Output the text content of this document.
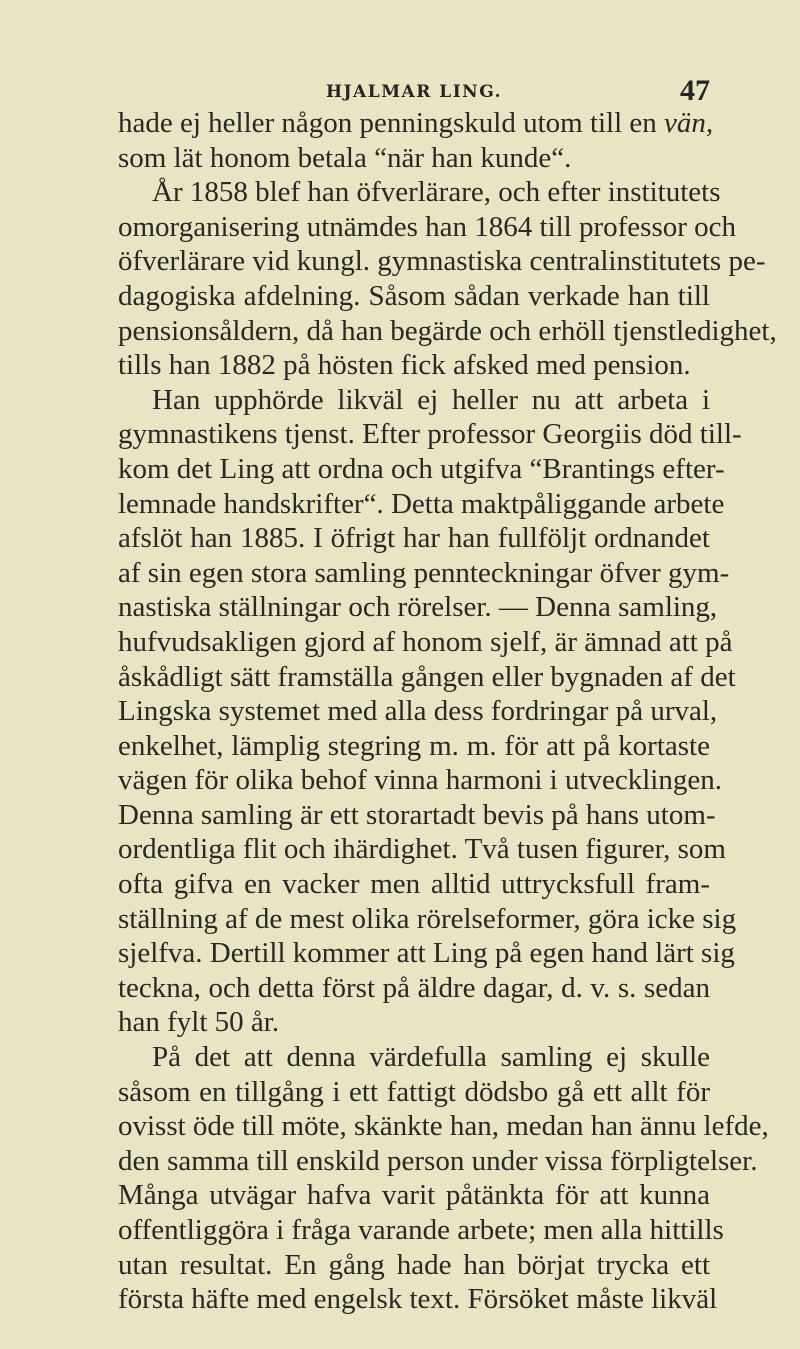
HJALMAR LING.	47
hade ej heller någon penningskuld utom till en vän,
som lät honom betala “när han kunde“.
År 1858 blef han öfverlärare, och efter institutets
omorganisering utnämdes han 1864 till professor och
öfverlärare vid kungl. gymnastiska centralinstitutets pe-
dagogiska afdelning. Såsom sådan verkade han till
pensionsåldern, då han begärde och erhöll tjenstledighet,
tills han 1882 på hösten fick afsked med pension.
Han upphörde likväl ej heller nu att arbeta i
gymnastikens tjenst. Efter professor Georgiis död till-
kom det Ling att ordna och utgifva “Brantings efter-
lemnade handskrifter“. Detta maktpåliggande arbete
afslöt han 1885. I öfrigt har han fullföljt ordnandet
af sin egen stora samling pennteckningar öfver gym-
nastiska ställningar och rörelser. — Denna samling,
hufvudsakligen gjord af honom sjelf, är ämnad att på
åskådligt sätt framställa gången eller bygnaden af det
Lingska systemet med alla dess fordringar på urval,
enkelhet, lämplig stegring m. m. för att på kortaste
vägen för olika behof vinna harmoni i utvecklingen.
Denna samling är ett storartadt bevis på hans utom-
ordentliga flit och ihärdighet. Två tusen figurer, som
ofta gifva en vacker men alltid uttrycksfull fram-
ställning af de mest olika rörelseformer, göra icke sig
sjelfva. Dertill kommer att Ling på egen hand lärt sig
teckna, och detta först på äldre dagar, d. v. s. sedan
han fylt 50 år.
På det att denna värdefulla samling ej skulle
såsom en tillgång i ett fattigt dödsbo gå ett allt för
ovisst öde till möte, skänkte han, medan han ännu lefde,
den samma till enskild person under vissa förpligtelser.
Många utvägar hafva varit påtänkta för att kunna
offentliggöra i fråga varande arbete; men alla hittills
utan resultat. En gång hade han börjat trycka ett
första häfte med engelsk text. Försöket måste likväl
